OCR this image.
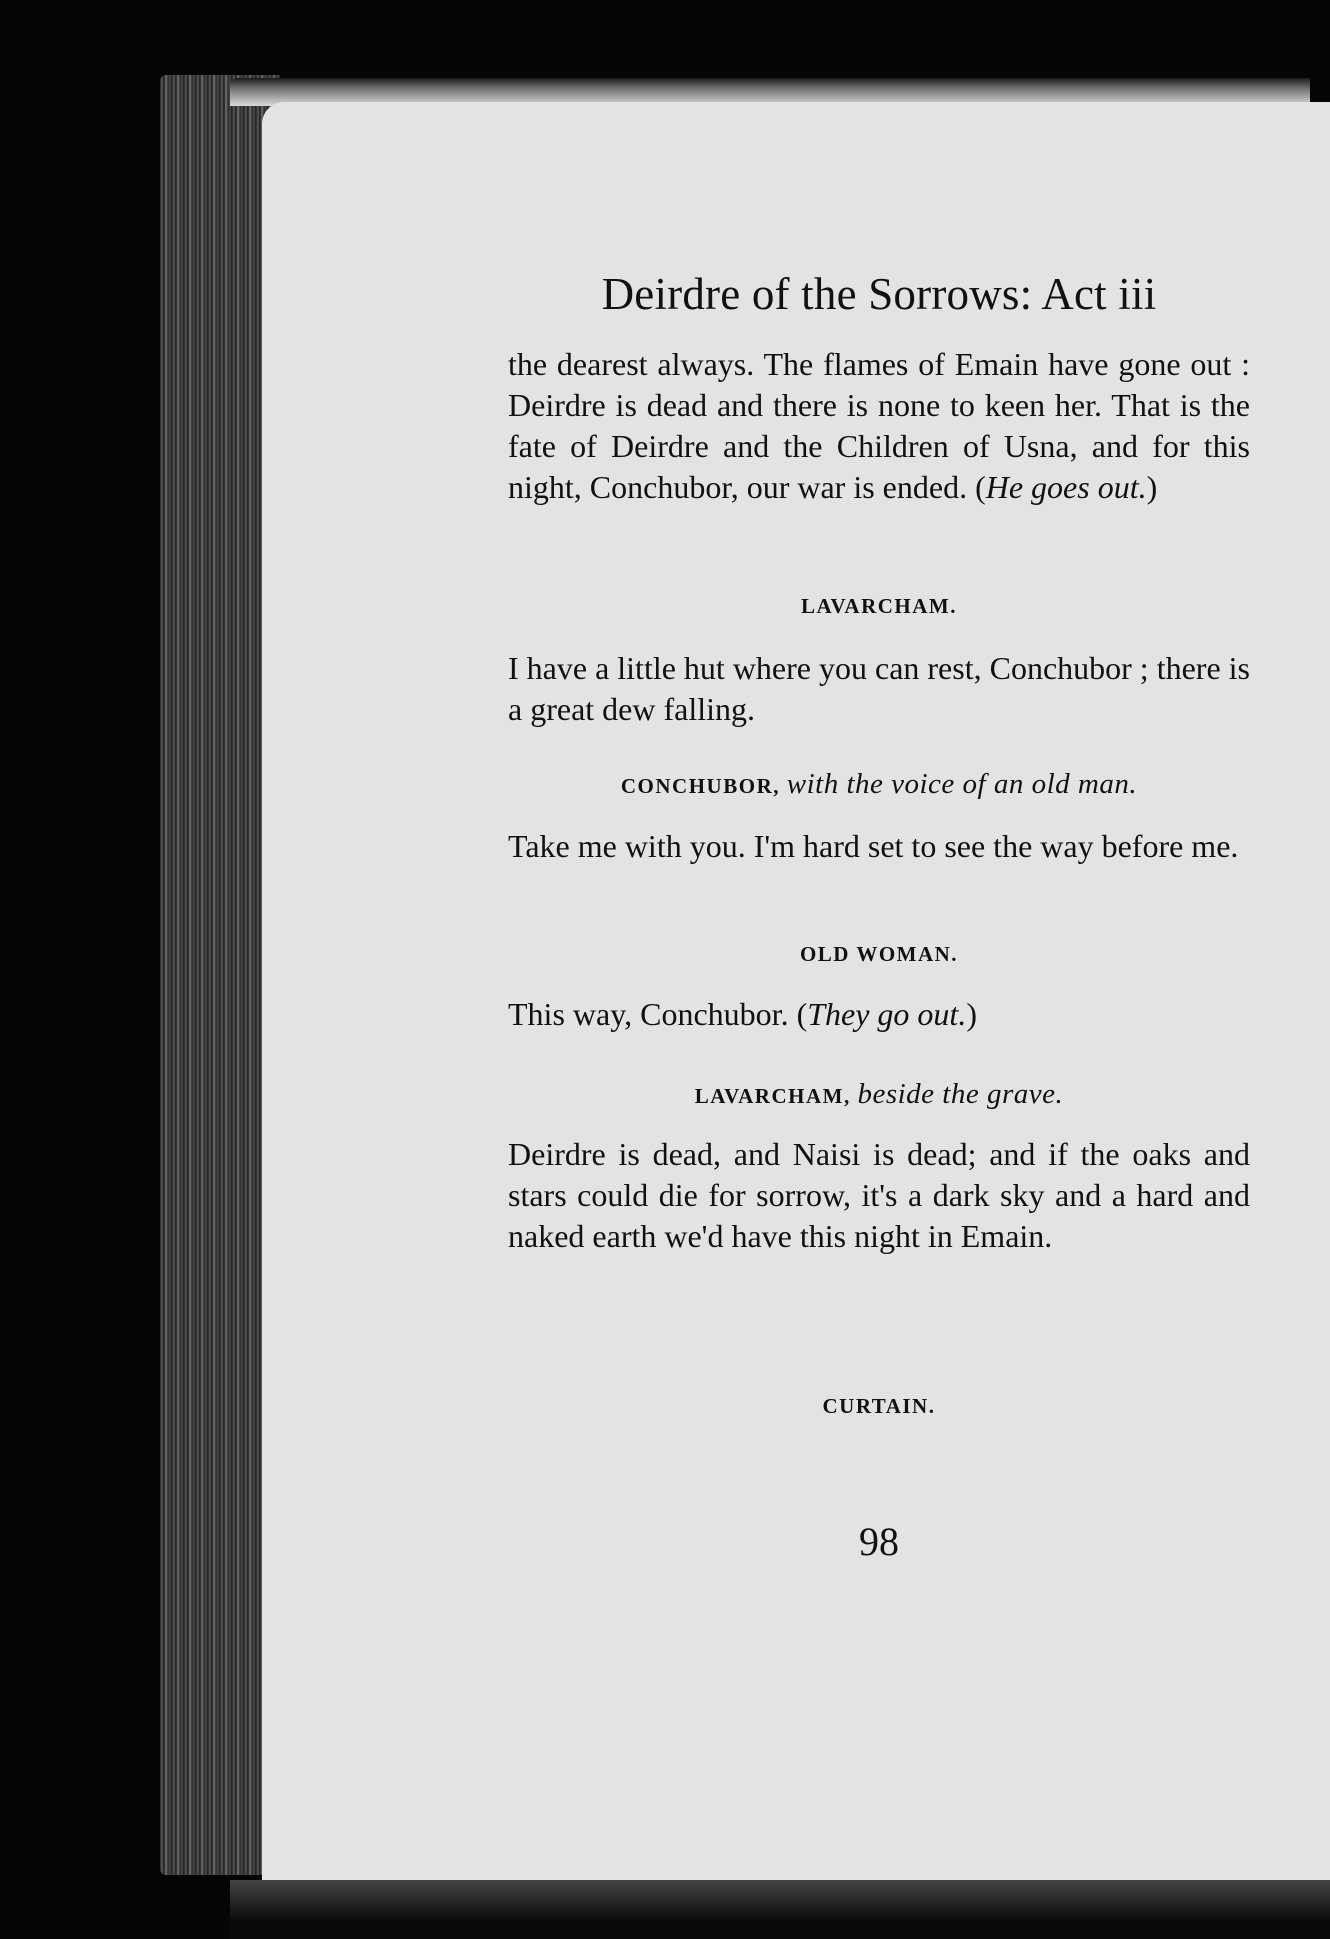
Deirdre of the Sorrows: Act iii

the dearest always. The flames of Emain have gone out : Deirdre is dead and there is none to keen her. That is the fate of Deirdre and the Children of Usna, and for this night, Conchubor, our war is ended. (He goes out.)

LAVARCHAM.

I have a little hut where you can rest, Conchubor ; there is a great dew falling.

CONCHUBOR, with the voice of an old man.

Take me with you. I'm hard set to see the way before me.

OLD WOMAN.

This way, Conchubor. (They go out.)

LAVARCHAM, beside the grave.

Deirdre is dead, and Naisi is dead; and if the oaks and stars could die for sorrow, it's a dark sky and a hard and naked earth we'd have this night in Emain.

CURTAIN.
98
